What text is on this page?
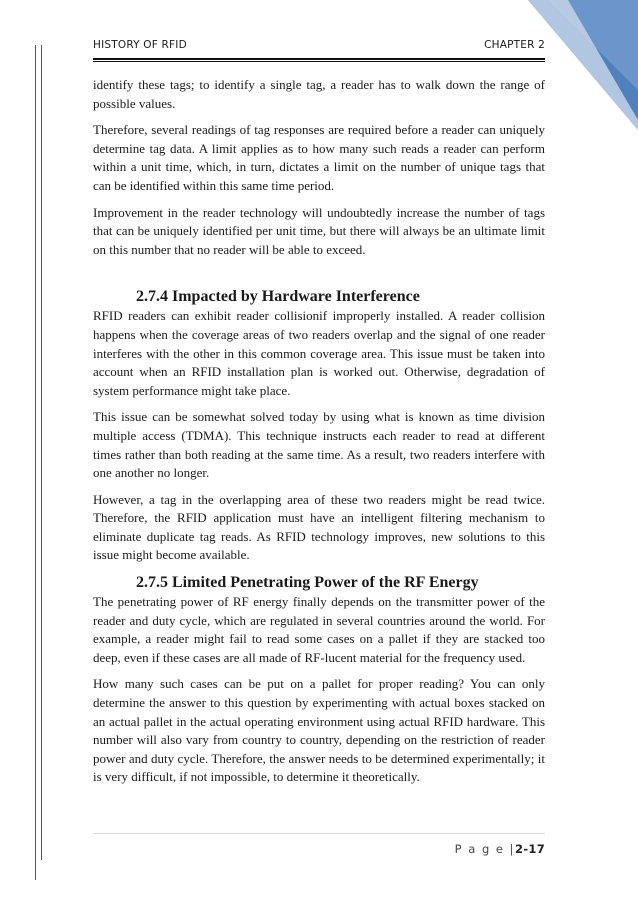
HISTORY OF RFID	CHAPTER 2

identify these tags; to identify a single tag, a reader has to walk down the range of possible values.

Therefore, several readings of tag responses are required before a reader can uniquely determine tag data. A limit applies as to how many such reads a reader can perform within a unit time, which, in turn, dictates a limit on the number of unique tags that can be identified within this same time period.

Improvement in the reader technology will undoubtedly increase the number of tags that can be uniquely identified per unit time, but there will always be an ultimate limit on this number that no reader will be able to exceed.

2.7.4 Impacted by Hardware Interference

RFID readers can exhibit reader collisionif improperly installed. A reader collision happens when the coverage areas of two readers overlap and the signal of one reader interferes with the other in this common coverage area. This issue must be taken into account when an RFID installation plan is worked out. Otherwise, degradation of system performance might take place.

This issue can be somewhat solved today by using what is known as time division multiple access (TDMA). This technique instructs each reader to read at different times rather than both reading at the same time. As a result, two readers interfere with one another no longer.

However, a tag in the overlapping area of these two readers might be read twice. Therefore, the RFID application must have an intelligent filtering mechanism to eliminate duplicate tag reads. As RFID technology improves, new solutions to this issue might become available.

2.7.5 Limited Penetrating Power of the RF Energy

The penetrating power of RF energy finally depends on the transmitter power of the reader and duty cycle, which are regulated in several countries around the world. For example, a reader might fail to read some cases on a pallet if they are stacked too deep, even if these cases are all made of RF-lucent material for the frequency used.

How many such cases can be put on a pallet for proper reading? You can only determine the answer to this question by experimenting with actual boxes stacked on an actual pallet in the actual operating environment using actual RFID hardware. This number will also vary from country to country, depending on the restriction of reader power and duty cycle. Therefore, the answer needs to be determined experimentally; it is very difficult, if not impossible, to determine it theoretically.

P a g e |2-17
